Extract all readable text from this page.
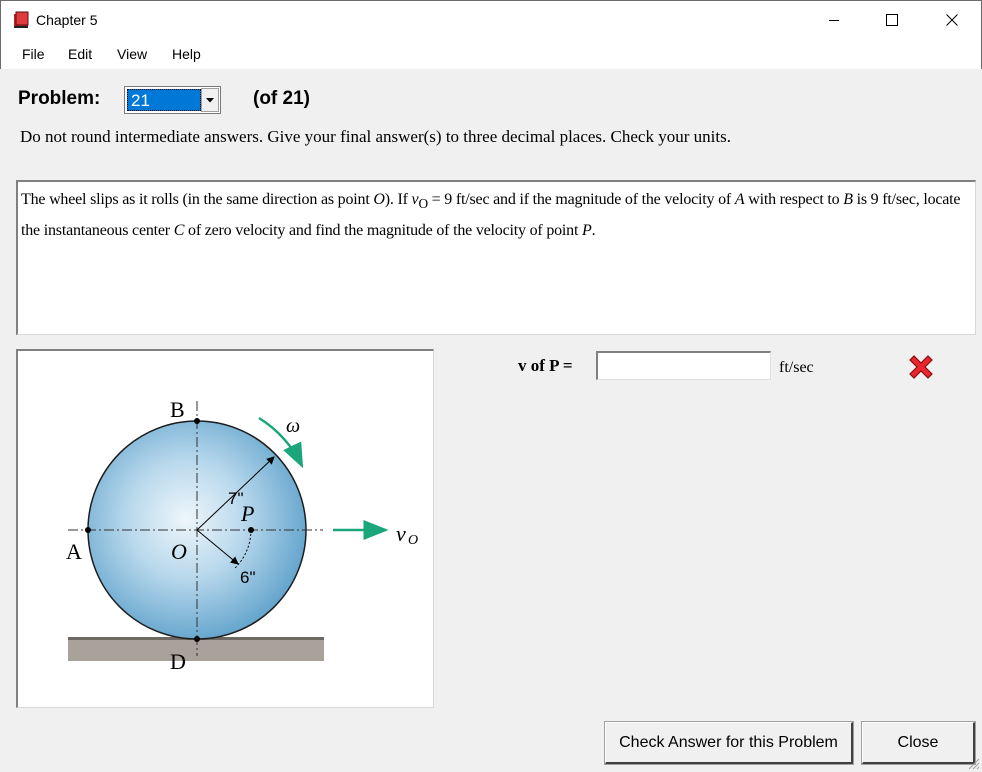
Chapter 5
File Edit View Help
Problem: 21	(of 21)
Do not round intermediate answers. Give your final answer(s) to three decimal places. Check your units.
The wheel slips as it rolls (in the same direction as point O). If $v_O = 9$ ft/sec and if the magnitude of the velocity of A with respect to B is 9 ft/sec, locate the instantaneous center C of zero velocity and find the magnitude of the velocity of point P.
B
A	O
P
D
ω
7"
6"
v O
v of P =	ft/sec
Check Answer for this Problem	Close
